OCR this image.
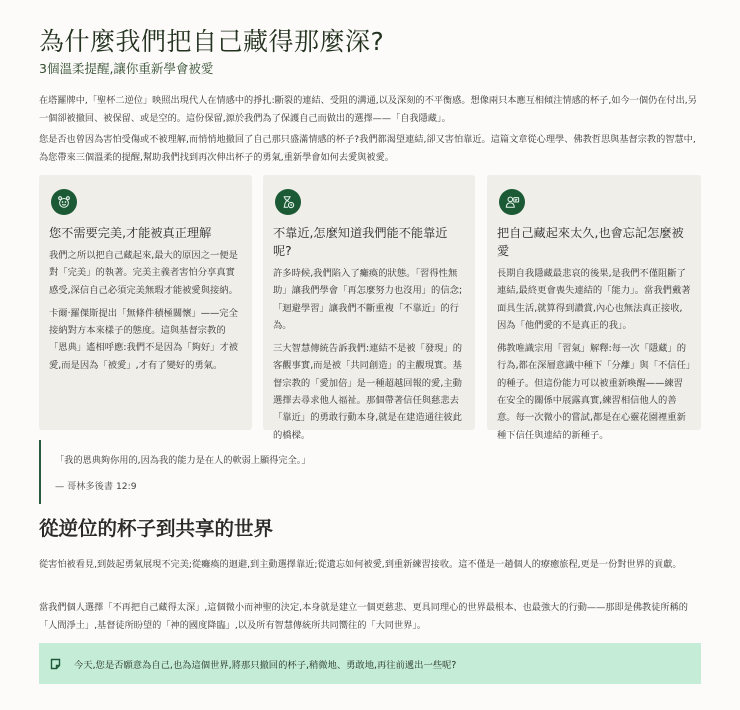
為什麼我們把自己藏得那麼深?
3個溫柔提醒,讓你重新學會被愛

在塔羅牌中,「聖杯二逆位」映照出現代人在情感中的掙扎:斷裂的連結、受阻的溝通,以及深刻的不平衡感。想像兩只本應互相傾注情感的杯子,如今一個仍在付出,另一個卻被撤回、被保留、或是空的。這份保留,源於我們為了保護自己而做出的選擇——「自我隱藏」。

您是否也曾因為害怕受傷或不被理解,而悄悄地撤回了自己那只盛滿情感的杯子?我們都渴望連結,卻又害怕靠近。這篇文章從心理學、佛教哲思與基督宗教的智慧中,為您帶來三個溫柔的提醒,幫助我們找到再次伸出杯子的勇氣,重新學會如何去愛與被愛。

您不需要完美,才能被真正理解

我們之所以把自己藏起來,最大的原因之一便是對「完美」的執著。完美主義者害怕分享真實感受,深信自己必須完美無瑕才能被愛與接納。

卡爾·羅傑斯提出「無條件積極關懷」——完全接納對方本來樣子的態度。這與基督宗教的「恩典」遙相呼應:我們不是因為「夠好」才被愛,而是因為「被愛」,才有了變好的勇氣。

不靠近,怎麼知道我們能不能靠近呢?

許多時候,我們陷入了癱瘓的狀態。「習得性無助」讓我們學會「再怎麼努力也沒用」的信念;「迴避學習」讓我們不斷重複「不靠近」的行為。

三大智慧傳統告訴我們:連結不是被「發現」的客觀事實,而是被「共同創造」的主觀現實。基督宗教的「愛加倍」是一種超越回報的愛,主動選擇去尋求他人福祉。那個帶著信任與慈悲去「靠近」的勇敢行動本身,就是在建造通往彼此的橋樑。

把自己藏起來太久,也會忘記怎麼被愛

長期自我隱藏最悲哀的後果,是我們不僅阻斷了連結,最終更會喪失連結的「能力」。當我們戴著面具生活,就算得到讚賞,內心也無法真正接收,因為「他們愛的不是真正的我」。

佛教唯識宗用「習氣」解釋:每一次「隱藏」的行為,都在深層意識中種下「分離」與「不信任」的種子。但這份能力可以被重新喚醒——練習在安全的關係中展露真實,練習相信他人的善意。每一次微小的嘗試,都是在心靈花園裡重新種下信任與連結的新種子。

「我的恩典夠你用的,因為我的能力是在人的軟弱上顯得完全。」
— 哥林多後書 12:9
從逆位的杯子到共享的世界

從害怕被看見,到鼓起勇氣展現不完美;從癱瘓的迴避,到主動選擇靠近;從遺忘如何被愛,到重新練習接收。這不僅是一趟個人的療癒旅程,更是一份對世界的貢獻。

當我們個人選擇「不再把自己藏得太深」,這個微小而神聖的決定,本身就是建立一個更慈悲、更具同理心的世界最根本、也最強大的行動——那即是佛教徒所稱的「人間淨土」,基督徒所盼望的「神的國度降臨」,以及所有智慧傳統所共同嚮往的「大同世界」。

今天,您是否願意為自己,也為這個世界,將那只撤回的杯子,稍微地、勇敢地,再往前遞出一些呢?
